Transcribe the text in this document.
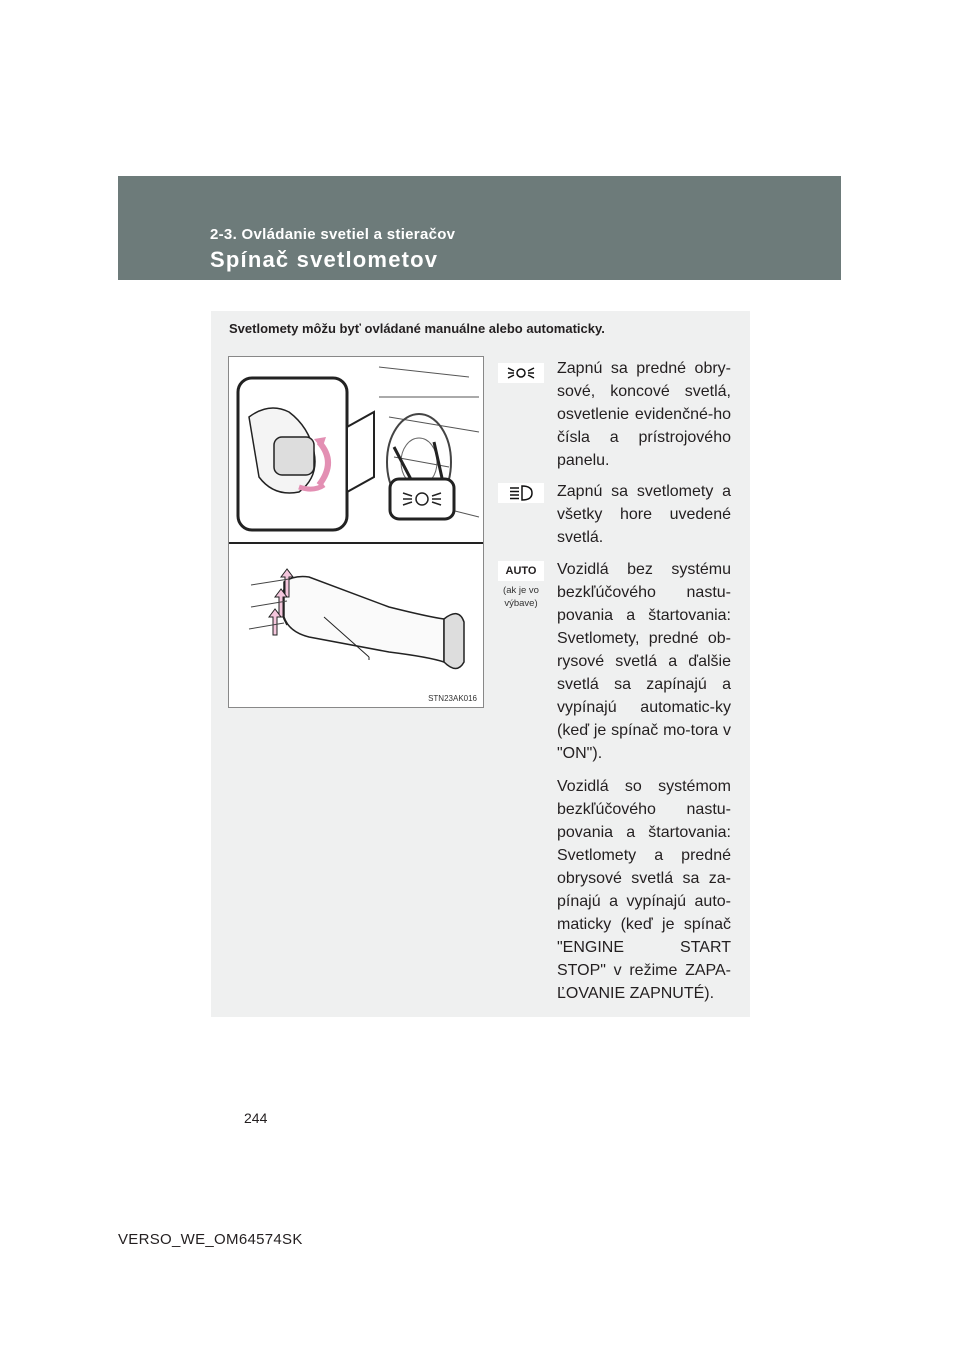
2-3. Ovládanie svetiel a stieračov
Spínač svetlometov
Svetlomety môžu byť ovládané manuálne alebo automaticky.
STN23AK016
Zapnú sa predné obry-sové, koncové svetlá, osvetlenie evidenčné-ho čísla a prístrojového panelu.
Zapnú sa svetlomety a všetky hore uvedené svetlá.
AUTO
(ak je vo výbave)

Vozidlá bez systému bezkľúčového nastu-povania a štartovania: Svetlomety, predné ob-rysové svetlá a ďalšie svetlá sa zapínajú a vypínajú automatic-ky (keď je spínač mo-tora v "ON").

Vozidlá so systémom bezkľúčového nastu-povania a štartovania: Svetlomety a predné obrysové svetlá sa za-pínajú a vypínajú auto-maticky (keď je spínač "ENGINE START STOP" v režime ZAPA-ĽOVANIE ZAPNUTÉ).

244
VERSO_WE_OM64574SK
